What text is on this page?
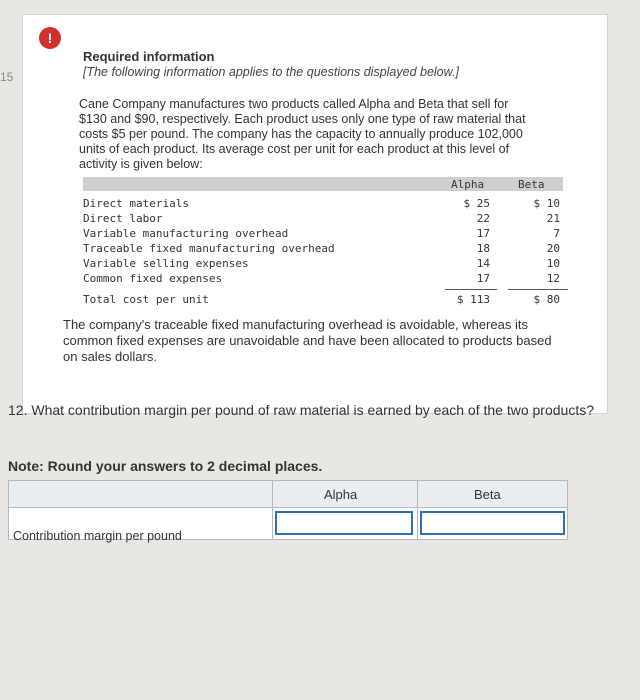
15
!
Required information
[The following information applies to the questions displayed below.]
Cane Company manufactures two products called Alpha and Beta that sell for $130 and $90, respectively. Each product uses only one type of raw material that costs $5 per pound. The company has the capacity to annually produce 102,000 units of each product. Its average cost per unit for each product at this level of activity is given below:
Alpha	Beta
Direct materials	$ 25	$ 10
Direct labor	22	21
Variable manufacturing overhead	17	7
Traceable fixed manufacturing overhead	18	20
Variable selling expenses	14	10
Common fixed expenses	17	12
Total cost per unit	$ 113	$ 80
The company's traceable fixed manufacturing overhead is avoidable, whereas its common fixed expenses are unavoidable and have been allocated to products based on sales dollars.
12. What contribution margin per pound of raw material is earned by each of the two products?
Note: Round your answers to 2 decimal places.
Alpha	Beta
Contribution margin per pound
